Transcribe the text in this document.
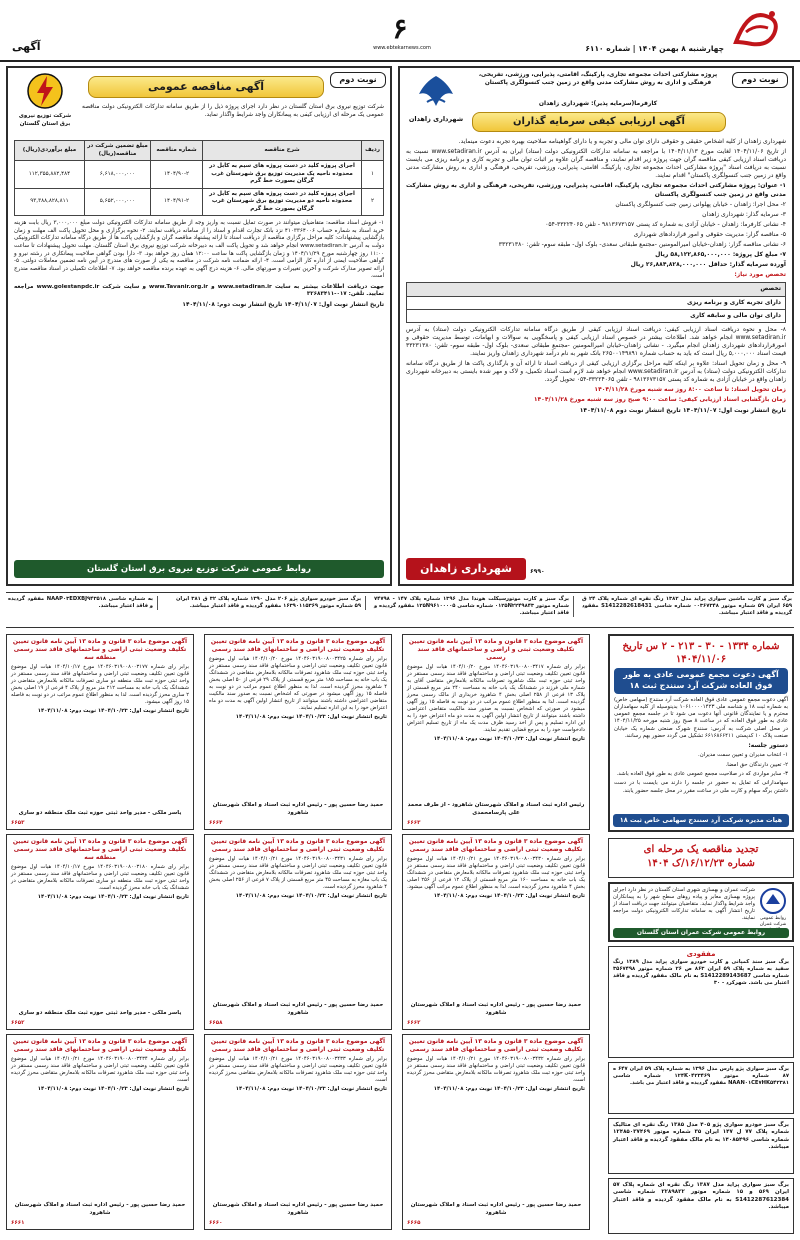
چهارشنبه ۸ بهمن ۱۴۰۴ | شماره ۶۱۱۰
۶
www.ebtekarnews.com
آگهی
نوبت دوم
شهرداری زاهدان
پروژه مشارکتی احداث مجموعه تجاری، پارکینگ، اقامتی، پذیرایی، ورزشی، تفریحی، فرهنگی و اداری به روش مشارکت مدنی واقع در زمین جنب کنسولگری پاکستان
کارفرما(سرمایه پذیر): شهرداری زاهدان
آگهی ارزیابی کیفی سرمایه گذاران

شهرداری زاهدان از کلیه اشخاص حقیقی و حقوقی دارای توان مالی و تجربه و یا دارای گواهینامه صلاحیت بهبره تجربه دعوت مینماید.

از تاریخ ۱۴۰۴/۱۱/۰۶ لغایت مورخ ۱۴۰۴/۱۱/۱۳ با مراجعه به سامانه تدارکات الکترونیکی دولت (ستاد) ایران به آدرس www.setadiran.ir نسبت به دریافت اسناد ارزیابی کیفی مناقصه گران جهت پروژه زیر اقدام نمایند، و مناقصه گران علاوه بر اثبات توان مالی و تجربه کاری و برنامه ریزی می بایست نسبت به دریافت اسناد "پروژه مشارکتی احداث مجموعه تجاری، پارکینگ، اقامتی، پذیرایی، ورزشی، تفریحی، فرهنگی و اداری به روش مشارکت مدنی واقع در زمین جنب کنسولگری پاکستان" اقدام نمایند.

۱- عنوان: پروژه مشارکتی احداث مجموعه تجاری، پارکینگ، اقامتی، پذیرایی، ورزشی، تفریحی، فرهنگی و اداری به روش مشارکت مدنی واقع در زمین جنب کنسولگری پاکستان

۲- محل اجرا: زاهدان - خیابان پهلوانی زمین جنب کنسولگری پاکستان

۳- سرمایه گذار: شهرداری زاهدان

۴- نشانی کارفرما: زاهدان - خیابان آزادی به شماره کد پستی ۹۸۱۳۶۷۳۱۵۷ - تلفن ۳۳۲۲۴۰۶۵-۰۵۴

۵- مناقصه گزار: مدیریت حقوقی و امور قراردادهای شهرداری

۶- نشانی مناقصه گزار: زاهدان-خیابان امیرالمومنین -مجتمع طبقاتی سعدی- بلوک اول- طبقه سوم- تلفن: ۳۳۲۳۱۳۸۰

۷- مبلغ کل پروژه: ۵۸,۱۲۲,۸۶۵,۰۰۰,۰۰۰ ریال

آورده سرمایه گذار: حداقل ۲۶,۸۸۴,۸۲۸,۰۰۰,۰۰۰ ریال

تخصص مورد نیاز:

تخصص
دارای تجربه کاری و برنامه ریزی
دارای توان مالی و سابقه کاری

۸- محل و نحوه دریافت اسناد ارزیابی کیفی: دریافت اسناد ارزیابی کیفی از طریق درگاه سامانه تدارکات الکترونیکی دولت (ستاد) به آدرس www.setadiran.ir انجام خواهد شد. اطلاعات بیشتر در خصوص اسناد ارزیابی کیفی و پاسخگویی به سوالات و ابهامات، توسط مدیریت حقوقی و امورقراردادهای شهرداری زاهدان انجام میگیرد. - نشانی زاهدان-خیابان امیرالمومنین -مجتمع طبقاتی سعدی- بلوک اول- طبقه سوم- تلفن: ۳۳۲۳۱۳۸۰ قیمت اسناد ۵,۰۰۰,۰۰۰ ریال است که باید به حساب شماره ۲۶۵۰۰۱۴۹۸۹۱ بانک شهر به نام درآمد شهرداری زاهدان واریز نمایند.

۹- محل و زمان تحویل اسناد: علاوه بر اینکه کلیه مراحل برگزاری ارزیابی کیفی از دریافت اسناد تا ارائه آن و بارگذاری پاکت ها از طریق درگاه سامانه تدارکات الکترونیکی دولت (ستاد) به آدرس www.setadiran.ir انجام خواهد شد لازم است اسناد تکمیل، و لاک و مهر شده بایستی به دبیرخانه شهرداری زاهدان واقع در خیابان آزادی به شماره کد پستی ۹۸۱۳۶۷۳۱۵۷ - تلفن ۳۳۲۲۴۰۶۵-۰۵۴ تحویل گردد.

زمان تحویل اسناد: تا ساعت ۸:۰۰ روز سه شنبه مورخ ۱۴۰۴/۱۱/۲۸

زمان بازگشایی اسناد ارزیابی کیفی: ساعت ۹:۰۰ صبح روز سه شنبه مورخ ۱۴۰۴/۱۱/۲۸

تاریخ انتشار نوبت اول: ۱۴۰۴/۱۱/۰۷ تاریخ انتشار نوبت دوم ۱۴۰۴/۱۱/۰۸

شهرداری زاهدان	۶۹۹۰
نوبت دوم
شرکت توزیع نیروی برق استان گلستان
آگهی مناقصه عمومی
شرکت توزیع نیروی برق استان گلستان در نظر دارد اجرای پروژه ذیل را از طریق سامانه تدارکات الکترونیکی دولت مناقصه عمومی یک مرحله ای ارزیابی کیفی به پیمانکاران واجد شرایط واگذار نماید.
ردیف	شرح مناقصه	شماره مناقصه	مبلغ تضمین شرکت در مناقصه(ریال)	مبلغ برآوردی(ریال)
۱	اجرای پروژه کلید در دست پروژه های سیم به کابل در محدوده ناحیه یک مدیریت توزیع برق شهرستان غرب گرگان بصورت خط گرم	۱۴۰۴/۹۰-۲	۶,۶۱۸,۰۰۰,۰۰۰	۱۱۲,۳۵۵,۸۸۲,۴۸۴
۲	اجرای پروژه کلید در دست پروژه های سیم به کابل در محدوده ناحیه دو مدیریت توزیع برق شهرستان غرب گرگان بصورت خط گرم	۱۴۰۴/۹۱-۲	۵,۶۵۲,۰۰۰,۰۰۰	۹۳,۳۸۸,۸۲۸,۸۱۱

۱- فروش اسناد مناقصه: متقاضیان میتوانند در صورت تمایل نسبت به واریز وجه از طریق سامانه تدارکات الکترونیکی دولت مبلغ ۳,۰۰۰,۰۰۰ ریال بابت هزینه خرید اسناد به شماره حساب ۴۱۰۳۳۶۴۰۰۶ نزد بانک تجارت اقدام و اسناد را از سامانه دریافت نمایند. ۲- نحوه برگزاری و محل تحویل پاکت الف مهلت و زمان بازگشایی پیشنهادات: کلیه مراحل برگزاری مناقصه از دریافت اسناد تا ارائه پیشنهاد مناقصه گران و بازگشایی پاکت ها از طریق درگاه سامانه تدارکات الکترونیکی دولت به آدرس www.setadiran.ir انجام خواهد شد و تحویل پاکت الف به دبیرخانه شرکت توزیع نیروی برق استان گلستان. مهلت تحویل پیشنهادات تا ساعت ۱۱:۰۰ روز چهارشنبه مورخ ۱۴۰۴/۱۱/۲۹ و زمان بازگشایی پاکت ها ساعت ۱۲:۰۰ همان روز خواهد بود. ۳- دارا بودن گواهی صلاحیت پیمانکاری در رشته نیرو و گواهی صلاحیت ایمنی از اداره کار الزامی است. ۴- ارائه ضمانت نامه شرکت در مناقصه به یکی از صورت های مندرج در آیین نامه تضمین معاملات دولتی. ۵- ارائه تصویر مدارک شرکت و آخرین تغییرات و صورتهای مالی. ۶- هزینه درج آگهی به عهده برنده مناقصه خواهد بود. ۷- اطلاعات تکمیلی در اسناد مناقصه مندرج است.

جهت دریافت اطلاعات بیشتر به سایت www.setadiran.ir و www.Tavanir.org.ir و سایت شرکت www.golestanpdc.ir مراجعه نمایید. تلفن: ۰۱۷-۳۲۶۸۳۴۱۱

تاریخ انتشار نوبت اول: ۱۴۰۴/۱۱/۰۷ تاریخ انتشار نوبت دوم: ۱۴۰۴/۱۱/۰۸

روابط عمومی شرکت توزیع نیروی برق استان گلستان
برگ سبز و کارت ماشین سواری پراید مدل ۱۳۸۲ رنگ نقره ای شماره پلاک ۲۴ ق ۶۵۹ ایران ۵۹ شماره موتور ۰۰۳۶۷۳۴۸ شماره شاسی S1412282618431 مفقود گردیده و فاقد اعتبار میباشد.
برگ سبز و کارت موتورسیکلت هوندا مدل ۱۳۹۶ شماره پلاک ۱۴۷ - ۷۴۷۹۸ شماره موتور ۰۱۲۵N۲۲۴۹۸۴۳ شماره شاسی ۱۲۵N۹۶۱۰۰۰۰۵ مفقود گردیده و فاقد اعتبار میباشد.
برگ سبز خودرو سواری پژو ۲۰۶ مدل ۱۳۹۰ شماره پلاک ۳۲ ق ۳۸۱ ایران ۵۹ شماره موتور ۱۶۳۹۰۱۱۵۳۶۹ مفقود گردیده و فاقد اعتبار میباشد.
به شماره شاسی NAAP۰۳EDXBJ۹۴۳۵۱۸ مفقود گردیده و فاقد اعتبار میباشد.
شماره ۱۳۳۴ - ۳۰ - ۲۱۳ - ۲ س تاریخ ۱۴۰۴/۱۱/۰۶
آگهی دعوت مجمع عمومی عادی به طور فوق العاده شرکت آرد سنندج ثبت ۱۸

آگهی دعوت مجمع عمومی عادی فوق العاده شرکت آرد سنندج (سهامی خاص) به شماره ثبت ۱۸ و شناسه ملی ۱۰۶۱۰۰۰۰۱۴۲۳ بدینوسیله از کلیه سهامداران محترم و یا نمایندگان قانونی آنها دعوت می شود تا در جلسه مجمع عمومی عادی به طور فوق العاده که در ساعت ۸ صبح روز شنبه مورخه ۱۴۰۴/۱۱/۲۵ در محل اصلی شرکت به آدرس: سنندج شهرک صنعتی شماره یک خیابان صنعت پلاک ۱۰ کدپستی ۶۶۱۶۸۶۶۴۱۱ تشکیل می گردد حضور بهم رسانند.

دستور جلسه:

۱- انتخاب مدیران و تعیین سمت مدیران.

۲- تعیین دارندگان حق امضا.

۳- سایر مواردی که در صلاحیت مجمع عمومی عادی به طور فوق العاده باشد.

سهامدارانی که تمایل به حضور در جلسه را دارند می بایست با در دست داشتن برگه سهام و کارت ملی در ساعت مقرر در محل جلسه حضور یابند.

هیات مدیره شرکت آرد سنندج سهامی خاص ثبت ۱۸
تجدید مناقصه یک مرحله ای
شماره ۱۶/۱۲/۲۳/ک ۱۴۰۴
شرکت عمران و بهسازی شهری استان گلستان در نظر دارد اجرای پروژه بهسازی معابر و پیاده روهای سطح شهر را به پیمانکاران واجد شرایط واگذار نماید. متقاضیان میتوانند جهت دریافت اسناد از تاریخ انتشار آگهی به سامانه تدارکات الکترونیکی دولت مراجعه نمایند.	روابط عمومی شرکت عمران
روابط عمومی شرکت عمران استان گلستان
مفقودی
برگ سبز سند کمپانی و کارت خودرو سواری پراید مدل ۱۳۸۹ رنگ سفید به شماره پلاک ۵۹ ایران ۸۶۳ ص ۲۶ شماره موتور ۳۵۶۷۴۹۸ شماره شاسی S1412289143687 به نام مالک مفقود گردیده و فاقد اعتبار می باشد. شهرکرد - ۳۰
برگ سبز سواری پژو پارس مدل ۱۳۹۶ به شماره پلاک ۵۹ ایران ۶۴۷ ه ۸۷ شماره موتور ۱۲۴K۰۴۲۳۴۶۹ شماره شاسی NAAN۰۱CE۷HK۵۴۲۳۸۱ مفقود گردیده و فاقد اعتبار می باشد.
برگ سبز خودرو سواری پژو ۴۰۵ مدل ۱۳۸۵ رنگ نقره ای متالیک شماره پلاک ۷۷ ل ۱۴۷ ایران ۳۵ شماره موتور ۱۲۴۸۵۰۳۷۴۶۹ شماره شاسی ۱۴۰۸۵۴۹۶ به نام مالک مفقود گردیده و فاقد اعتبار میباشد.
برگ سبز سواری پراید مدل ۱۳۸۷ رنگ نقره ای شماره پلاک ۵۷ ایران ۵۶۹ و ۱۵ شماره موتور ۲۲۸۹۸۲۲ شماره شاسی S1412287612384 به نام مالک مفقود گردیده و فاقد اعتبار میباشد.
آگهی موضوع ماده ۳ قانون و ماده ۱۳ آیین نامه قانون تعیین تکلیف وضعیت ثبتی و اراضی و ساختمانهای فاقد سند رسمی
برابر رای شماره ۱۴۰۴۶۰۳۱۹۰۰۸۰۰۳۴۱۷ مورخ ۱۴۰۴/۱۰/۲۰ هیات اول موضوع قانون تعیین تکلیف وضعیت ثبتی اراضی و ساختمانهای فاقد سند رسمی مستقر در واحد ثبتی حوزه ثبت ملک شاهرود تصرفات مالکانه بلامعارض متقاضی آقای به شماره ملی فرزند در ششدانگ یک باب خانه به مساحت ۲۴۰ متر مربع قسمتی از پلاک ۱۳ فرعی از ۲۵۸ اصلی بخش ۴ شاهرود خریداری از مالک رسمی محرز گردیده است. لذا به منظور اطلاع عموم مراتب در دو نوبت به فاصله ۱۵ روز آگهی میشود در صورتی که اشخاص نسبت به صدور سند مالکیت متقاضی اعتراضی داشته باشند میتوانند از تاریخ انتشار اولین آگهی به مدت دو ماه اعتراض خود را به این اداره تسلیم و پس از اخذ رسید ظرف مدت یک ماه از تاریخ تسلیم اعتراض دادخواست خود را به مرجع قضایی تقدیم نمایند.
تاریخ انتشار نوبت اول: ۱۴۰۴/۱۰/۲۳ نوبت دوم: ۱۴۰۴/۱۱/۰۸
رئیس اداره ثبت اسناد و املاک شهرستان شاهرود - از طرف محمد علی پارسامحمدی
۶۶۶۳
آگهی موضوع ماده ۳ قانون و ماده ۱۳ آیین نامه قانون تعیین تکلیف وضعیت ثبتی اراضی و ساختمانهای فاقد سند رسمی
برابر رای شماره ۱۴۰۴۶۰۳۱۹۰۰۸۰۰۳۴۲۵ مورخ ۱۴۰۴/۱۰/۲۰ هیات اول موضوع قانون تعیین تکلیف وضعیت ثبتی اراضی و ساختمانهای فاقد سند رسمی مستقر در واحد ثبتی حوزه ثبت ملک شاهرود تصرفات مالکانه بلامعارض متقاضی در ششدانگ یک باب خانه به مساحت ۱۸۵ متر مربع قسمتی از پلاک ۲۹ فرعی از ۵۰ اصلی بخش ۴ شاهرود محرز گردیده است. لذا به منظور اطلاع عموم مراتب در دو نوبت به فاصله ۱۵ روز آگهی میشود در صورتی که اشخاص نسبت به صدور سند مالکیت متقاضی اعتراضی داشته باشند میتوانند از تاریخ انتشار اولین آگهی به مدت دو ماه اعتراض خود را به این اداره تسلیم نمایند.
تاریخ انتشار نوبت اول: ۱۴۰۴/۱۰/۲۳ نوبت دوم: ۱۴۰۴/۱۱/۰۸
حمید رضا حسین پور - رئیس اداره ثبت اسناد و املاک شهرستان شاهرود
۶۶۶۴
آگهی موضوع ماده ۳ قانون و ماده ۱۳ آیین نامه قانون تعیین تکلیف وضعیت ثبتی اراضی و ساختمانهای فاقد سند رسمی منطقه سه
برابر رای شماره ۱۴۰۴۶۰۳۱۹۰۰۸۰۰۳۱۷۷ مورخ ۱۴۰۴/۱۰/۱۷ هیات اول موضوع قانون تعیین تکلیف وضعیت ثبتی اراضی و ساختمانهای فاقد سند رسمی مستقر در واحد ثبتی حوزه ثبت ملک منطقه دو ساری تصرفات مالکانه بلامعارض متقاضی در ششدانگ یک باب خانه به مساحت ۲۱۲ متر مربع از پلاک ۴ فرعی از ۱۹ اصلی بخش ۲ ساری محرز گردیده است. لذا به منظور اطلاع عموم مراتب در دو نوبت به فاصله ۱۵ روز آگهی میشود.
تاریخ انتشار نوبت اول: ۱۴۰۴/۱۰/۲۳ نوبت دوم: ۱۴۰۴/۱۱/۰۸
یاسر ملکی - مدیر واحد ثبتی حوزه ثبت ملک منطقه دو ساری
۶۶۵۳
آگهی موضوع ماده ۳ قانون و ماده ۱۳ آیین نامه قانون تعیین تکلیف وضعیت ثبتی اراضی و ساختمانهای فاقد سند رسمی
برابر رای شماره ۱۴۰۴۶۰۳۱۹۰۰۸۰۰۳۴۳۰ مورخ ۱۴۰۴/۱۰/۲۱ هیات اول موضوع قانون تعیین تکلیف وضعیت ثبتی اراضی و ساختمانهای فاقد سند رسمی مستقر در واحد ثبتی حوزه ثبت ملک شاهرود تصرفات مالکانه بلامعارض متقاضی در ششدانگ یک باب خانه به مساحت ۱۶۰ متر مربع قسمتی از پلاک ۱۲ فرعی از ۲۵۶ اصلی بخش ۴ شاهرود محرز گردیده است. لذا به منظور اطلاع عموم مراتب آگهی میشود.
تاریخ انتشار نوبت اول: ۱۴۰۴/۱۰/۲۳ نوبت دوم: ۱۴۰۴/۱۱/۰۸
حمید رضا حسین پور - رئیس اداره ثبت اسناد و املاک شهرستان شاهرود
۶۶۶۲
آگهی موضوع ماده ۳ قانون و ماده ۱۳ آیین نامه قانون تعیین تکلیف وضعیت ثبتی اراضی و ساختمانهای فاقد سند رسمی
برابر رای شماره ۱۴۰۴۶۰۳۱۹۰۰۸۰۰۳۴۳۱ مورخ ۱۴۰۴/۱۰/۲۱ هیات اول موضوع قانون تعیین تکلیف وضعیت ثبتی اراضی و ساختمانهای فاقد سند رسمی مستقر در واحد ثبتی حوزه ثبت ملک شاهرود تصرفات مالکانه بلامعارض متقاضی در ششدانگ یک باب مغازه به مساحت ۴۵ متر مربع قسمتی از پلاک ۷ فرعی از ۲۵۶ اصلی بخش ۴ شاهرود محرز گردیده است.
تاریخ انتشار نوبت اول: ۱۴۰۴/۱۰/۲۳ نوبت دوم: ۱۴۰۴/۱۱/۰۸
حمید رضا حسین پور - رئیس اداره ثبت اسناد و املاک شهرستان شاهرود
۶۶۵۸
آگهی موضوع ماده ۳ قانون و ماده ۱۳ آیین نامه قانون تعیین تکلیف وضعیت ثبتی اراضی و ساختمانهای فاقد سند رسمی منطقه سه
برابر رای شماره ۱۴۰۴۶۰۳۱۹۰۰۸۰۰۳۱۸۰ مورخ ۱۴۰۴/۱۰/۱۷ هیات اول موضوع قانون تعیین تکلیف وضعیت ثبتی اراضی و ساختمانهای فاقد سند رسمی مستقر در واحد ثبتی حوزه ثبت ملک منطقه دو ساری تصرفات مالکانه بلامعارض متقاضی در ششدانگ یک باب خانه محرز گردیده است.
تاریخ انتشار نوبت اول: ۱۴۰۴/۱۰/۲۳ نوبت دوم: ۱۴۰۴/۱۱/۰۸
یاسر ملکی - مدیر واحد ثبتی حوزه ثبت ملک منطقه دو ساری
۶۶۵۲
آگهی موضوع ماده ۳ قانون و ماده ۱۳ آیین نامه قانون تعیین تکلیف وضعیت ثبتی اراضی و ساختمانهای فاقد سند رسمی
برابر رای شماره ۱۴۰۴۶۰۳۱۹۰۰۸۰۰۳۴۳۲ مورخ ۱۴۰۴/۱۰/۲۱ هیات اول موضوع قانون تعیین تکلیف وضعیت ثبتی اراضی و ساختمانهای فاقد سند رسمی مستقر در واحد ثبتی حوزه ثبت ملک شاهرود تصرفات مالکانه بلامعارض متقاضی محرز گردیده است.
تاریخ انتشار نوبت اول: ۱۴۰۴/۱۰/۲۳ نوبت دوم: ۱۴۰۴/۱۱/۰۸
حمید رضا حسین پور - رئیس اداره ثبت اسناد و املاک شهرستان شاهرود
۶۶۶۵
آگهی موضوع ماده ۳ قانون و ماده ۱۳ آیین نامه قانون تعیین تکلیف وضعیت ثبتی اراضی و ساختمانهای فاقد سند رسمی
برابر رای شماره ۱۴۰۴۶۰۳۱۹۰۰۸۰۰۳۴۳۳ مورخ ۱۴۰۴/۱۰/۲۱ هیات اول موضوع قانون تعیین تکلیف وضعیت ثبتی اراضی و ساختمانهای فاقد سند رسمی مستقر در واحد ثبتی حوزه ثبت ملک شاهرود تصرفات مالکانه بلامعارض متقاضی محرز گردیده است.
تاریخ انتشار نوبت اول: ۱۴۰۴/۱۰/۲۳ نوبت دوم: ۱۴۰۴/۱۱/۰۸
حمید رضا حسین پور - رئیس اداره ثبت اسناد و املاک شهرستان شاهرود
۶۶۶۰
آگهی موضوع ماده ۳ قانون و ماده ۱۳ آیین نامه قانون تعیین تکلیف وضعیت ثبتی اراضی و ساختمانهای فاقد سند رسمی
برابر رای شماره ۱۴۰۴۶۰۳۱۹۰۰۸۰۰۳۴۳۴ مورخ ۱۴۰۴/۱۰/۲۱ هیات اول موضوع قانون تعیین تکلیف وضعیت ثبتی اراضی و ساختمانهای فاقد سند رسمی مستقر در واحد ثبتی حوزه ثبت ملک شاهرود تصرفات مالکانه بلامعارض متقاضی محرز گردیده است.
تاریخ انتشار نوبت اول: ۱۴۰۴/۱۰/۲۳ نوبت دوم: ۱۴۰۴/۱۱/۰۸
حمید رضا حسین پور - رئیس اداره ثبت اسناد و املاک شهرستان شاهرود
۶۶۶۱
